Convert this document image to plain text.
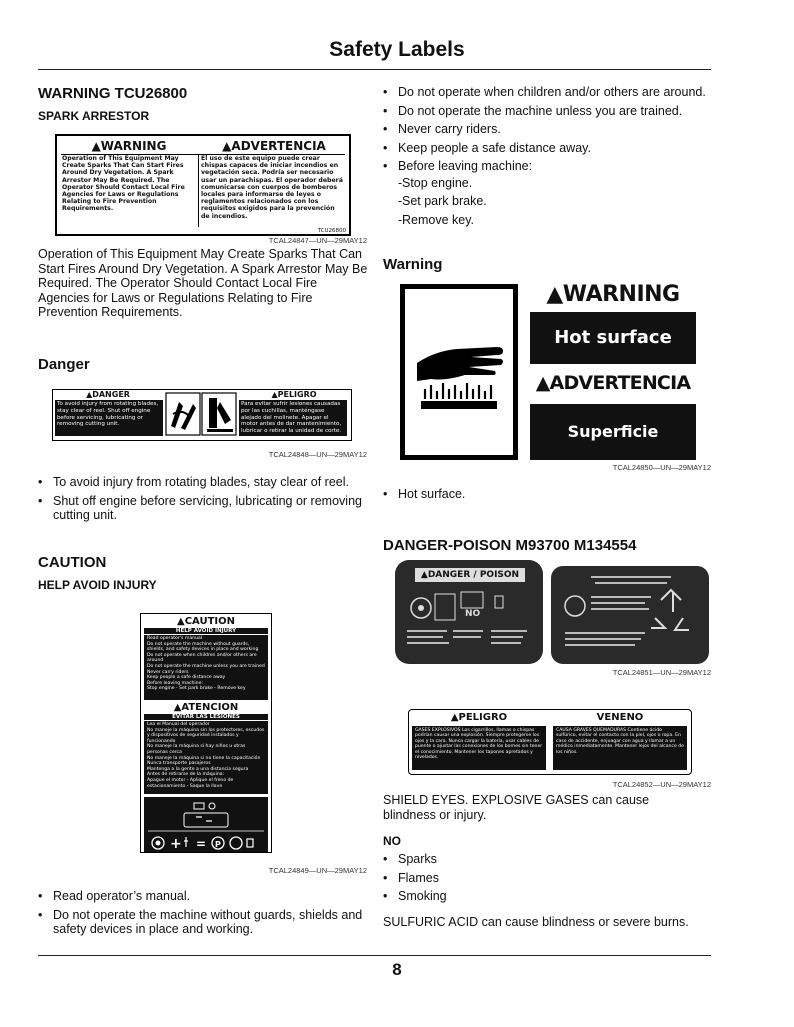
Safety Labels
WARNING TCU26800
SPARK ARRESTOR
▲WARNING	▲ADVERTENCIA
Operation of This Equipment May Create Sparks That Can Start Fires Around Dry Vegetation. A Spark Arrestor May Be Required. The Operator Should Contact Local Fire Agencies for Laws or Regulations Relating to Fire Prevention Requirements.
El uso de este equipo puede crear chispas capaces de iniciar incendios en vegetación seca. Podría ser necesario usar un parachispas. El operador deberá comunicarse con cuerpos de bomberos locales para informarse de leyes o reglamentos relacionados con los requisitos exigidos para la prevención de incendios.
TCU26800
TCAL24847—UN—29MAY12

Operation of This Equipment May Create Sparks That Can Start Fires Around Dry Vegetation. A Spark Arrestor May Be Required. The Operator Should Contact Local Fire Agencies for Laws or Regulations Relating to Fire Prevention Requirements.

Danger
▲DANGER	▲PELIGRO
To avoid injury from rotating blades, stay clear of reel. Shut off engine before servicing, lubricating or removing cutting unit.
Para evitar sufrir lesiones causadas por las cuchillas, manténgase alejado del molinete. Apagar el motor antes de dar mantenimiento, lubricar o retirar la unidad de corte.
TCAL24848—UN—29MAY12
• To avoid injury from rotating blades, stay clear of reel.
• Shut off engine before servicing, lubricating or removing cutting unit.
CAUTION
HELP AVOID INJURY
▲CAUTION
HELP AVOID INJURY
Read operator's manual
Do not operate the machine without guards, shields, and safety devices in place and working
Do not operate when children and/or others are around
Do not operate the machine unless you are trained
Never carry riders
Keep people a safe distance away
Before leaving machine:
Stop engine - Set park brake - Remove key
▲ATENCION
EVITAR LAS LESIONES
Lea el Manual del operador
No maneje la máquina sin los protectores, escudos y dispositivos de seguridad instalados y funcionando
No maneje la máquina si hay niños u otras personas cerca
No maneje la máquina si no tiene la capacitación
Nunca transporte pasajeros
Mantenga a la gente a una distancia segura
Antes de retirarse de la máquina:
Apague el motor - Aplique el freno de estacionamiento - Saque la llave
+ = P
TCAL24849—UN—29MAY12
• Read operator’s manual.
• Do not operate the machine without guards, shields and safety devices in place and working.
• Do not operate when children and/or others are around.
• Do not operate the machine unless you are trained.
• Never carry riders.
• Keep people a safe distance away.
• Before leaving machine:
- Stop engine.
- Set park brake.
- Remove key.
Warning
▲WARNING
Hot surface
▲ADVERTENCIA
Superficie caliente
TCAL24850—UN—29MAY12
• Hot surface.
DANGER-POISON M93700 M134554
▲DANGER / POISON
NO
TCAL24851—UN—29MAY12
▲PELIGRO	VENENO
GASES EXPLOSIVOS Los cigarrillos, llamas o chispas podrían causar una explosión. Siempre protegerse los ojos y la cara. Nunca cargar la batería, usar cables de puente o ajustar las conexiones de los bornes sin tener el conocimiento. Mantener los tapones apretados y nivelados.
CAUSA GRAVES QUEMADURAS Contiene ácido sulfúrico, evitar el contacto con la piel, ojos o ropa. En caso de accidente, enjuagar con agua y llamar a un médico inmediatamente. Mantener lejos del alcance de los niños.
TCAL24852—UN—29MAY12

SHIELD EYES. EXPLOSIVE GASES can cause blindness or injury.

NO
• Sparks
• Flames
• Smoking

SULFURIC ACID can cause blindness or severe burns.

8
